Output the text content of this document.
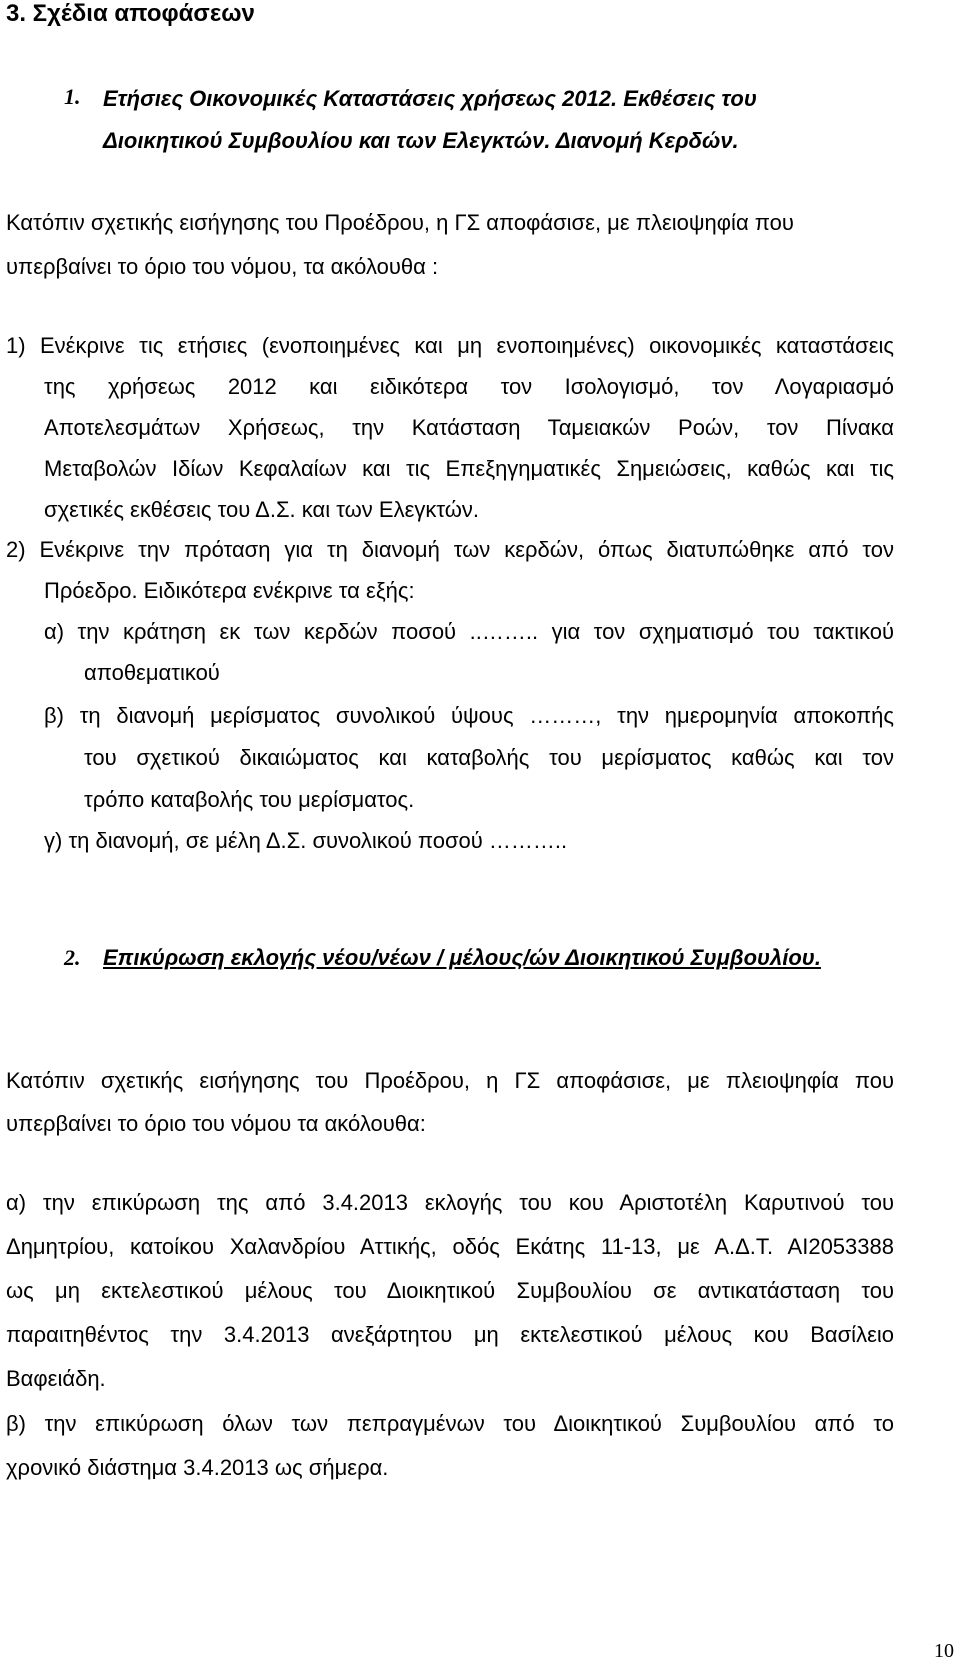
3. Σχέδια αποφάσεων
1. Ετήσιες Οικονομικές Καταστάσεις χρήσεως 2012. Εκθέσεις του
Διοικητικού Συμβουλίου και των Ελεγκτών. Διανομή Κερδών.
Κατόπιν σχετικής εισήγησης του Προέδρου, η ΓΣ αποφάσισε, με πλειοψηφία που
υπερβαίνει το όριο του νόμου, τα ακόλουθα :
1) Ενέκρινε τις ετήσιες (ενοποιημένες και μη ενοποιημένες) οικονομικές καταστάσεις
της χρήσεως 2012 και ειδικότερα τον Ισολογισμό, τον Λογαριασμό
Αποτελεσμάτων Χρήσεως, την Κατάσταση Ταμειακών Ροών, τον Πίνακα
Μεταβολών Ιδίων Κεφαλαίων και τις Επεξηγηματικές Σημειώσεις, καθώς και τις
σχετικές εκθέσεις του Δ.Σ. και των Ελεγκτών.
2) Ενέκρινε την πρόταση για τη διανομή των κερδών, όπως διατυπώθηκε από τον
Πρόεδρο. Ειδικότερα ενέκρινε τα εξής:
α) την κράτηση εκ των κερδών ποσού ..…….. για τον σχηματισμό του τακτικού
αποθεματικού
β) τη διανομή μερίσματος συνολικού ύψους ………, την ημερομηνία αποκοπής
του σχετικού δικαιώματος και καταβολής του μερίσματος καθώς και τον
τρόπο καταβολής του μερίσματος.
γ) τη διανομή, σε μέλη Δ.Σ. συνολικού ποσού ………..
2. Επικύρωση εκλογής νέου/νέων / μέλους/ών Διοικητικού Συμβουλίου.
Κατόπιν σχετικής εισήγησης του Προέδρου, η ΓΣ αποφάσισε, με πλειοψηφία που
υπερβαίνει το όριο του νόμου τα ακόλουθα:
α) την επικύρωση της από 3.4.2013 εκλογής του κου Αριστοτέλη Καρυτινού του
Δημητρίου, κατοίκου Χαλανδρίου Αττικής, οδός Εκάτης 11-13, με Α.Δ.Τ. ΑΙ2053388
ως μη εκτελεστικού μέλους του Διοικητικού Συμβουλίου σε αντικατάσταση του
παραιτηθέντος την 3.4.2013 ανεξάρτητου μη εκτελεστικού μέλους κου Βασίλειο
Βαφειάδη.
β) την επικύρωση όλων των πεπραγμένων του Διοικητικού Συμβουλίου από το
χρονικό διάστημα 3.4.2013 ως σήμερα.
10
